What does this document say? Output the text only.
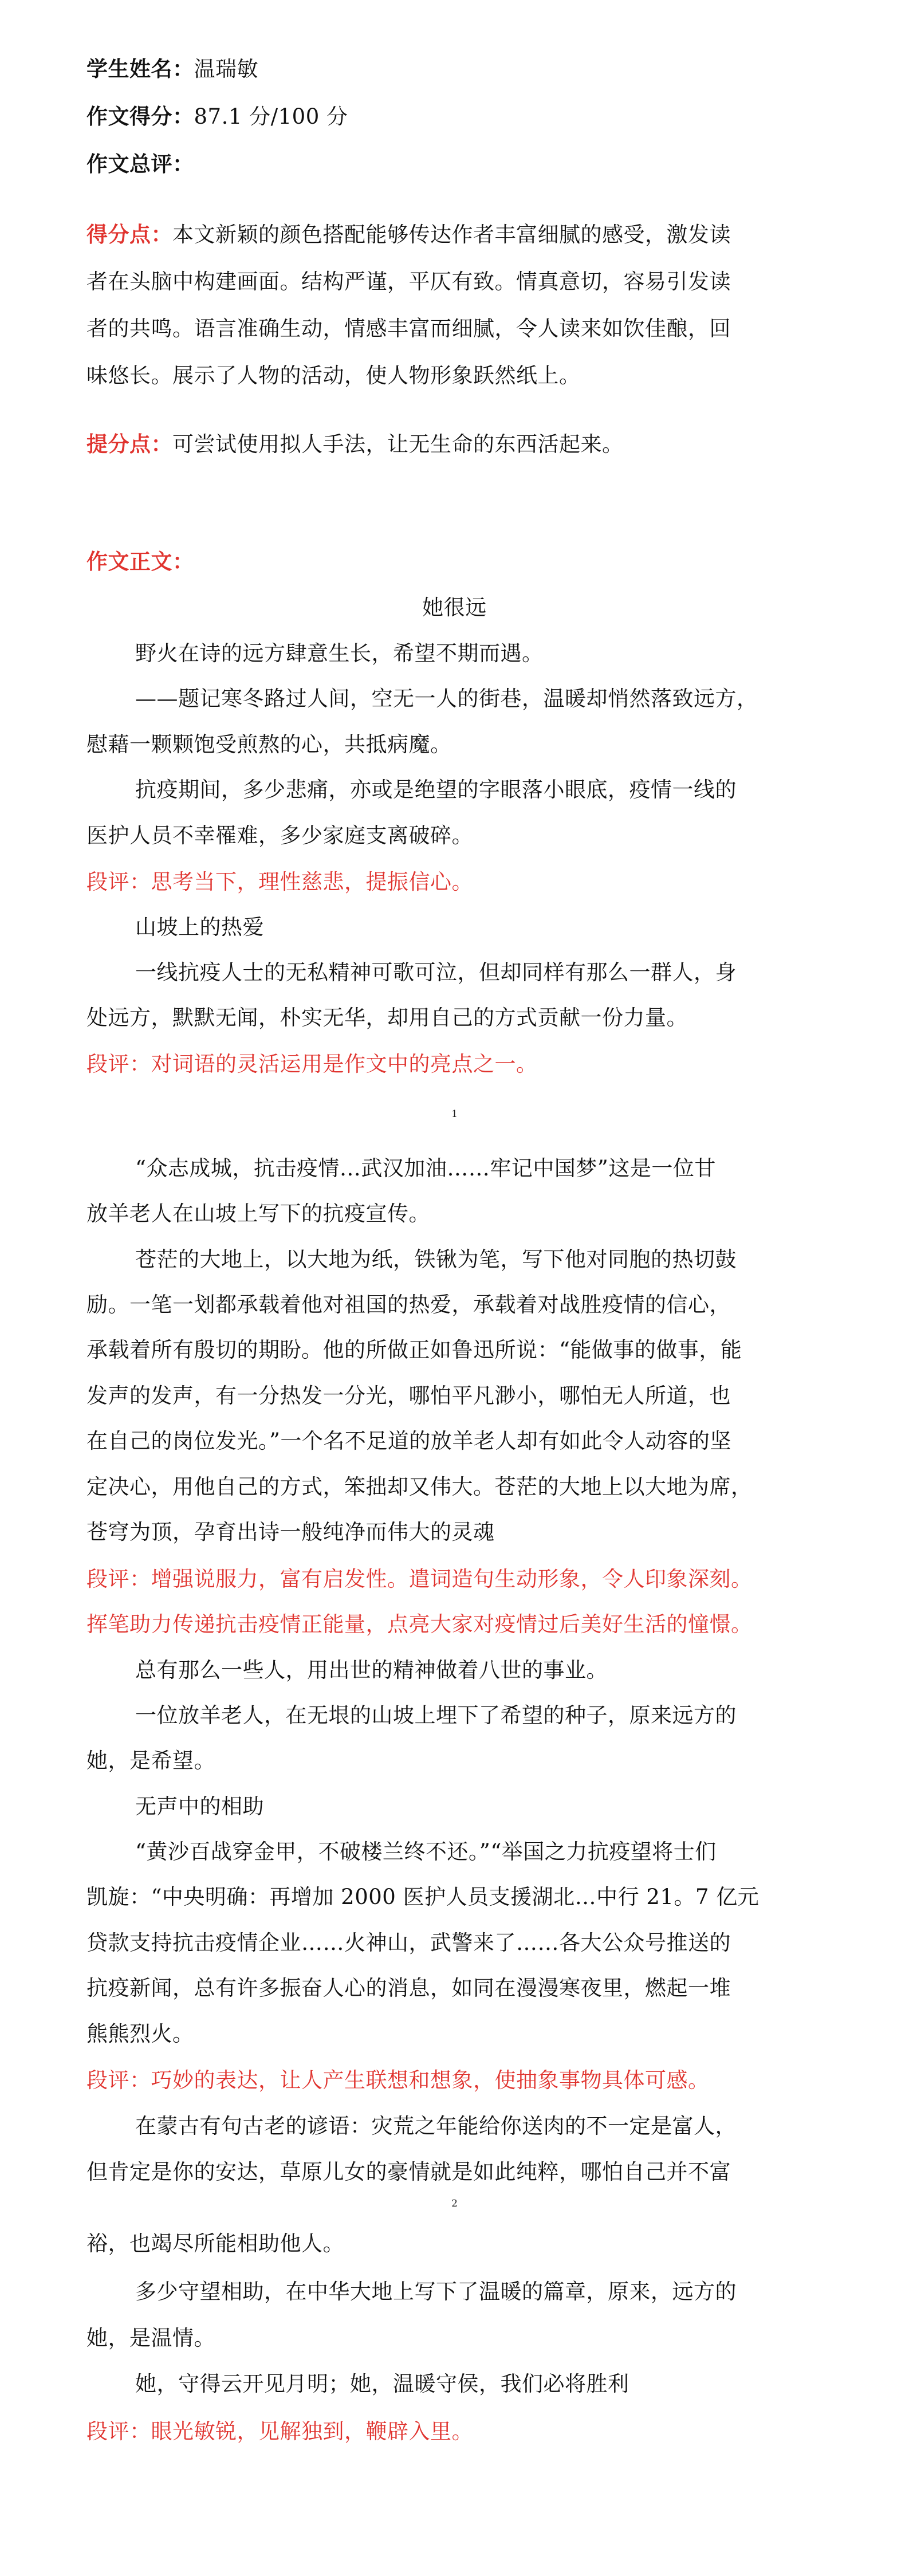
学生姓名：温瑞敏
作文得分：87.1 分/100 分
作文总评：
得分点：本文新颖的颜色搭配能够传达作者丰富细腻的感受，激发读
者在头脑中构建画面。结构严谨，平仄有致。情真意切，容易引发读
者的共鸣。语言准确生动，情感丰富而细腻，令人读来如饮佳酿，回
味悠长。展示了人物的活动，使人物形象跃然纸上。
提分点：可尝试使用拟人手法，让无生命的东西活起来。
作文正文：
她很远
野火在诗的远方肆意生长，希望不期而遇。
——题记寒冬路过人间，空无一人的街巷，温暖却悄然落致远方，
慰藉一颗颗饱受煎熬的心，共抵病魔。
抗疫期间，多少悲痛，亦或是绝望的字眼落小眼底，疫情一线的
医护人员不幸罹难，多少家庭支离破碎。
段评：思考当下，理性慈悲，提振信心。
山坡上的热爱
一线抗疫人士的无私精神可歌可泣，但却同样有那么一群人，身
处远方，默默无闻，朴实无华，却用自己的方式贡献一份力量。
段评：对词语的灵活运用是作文中的亮点之一。
1
“众志成城，抗击疫情…武汉加油……牢记中国梦”这是一位甘
放羊老人在山坡上写下的抗疫宣传。
苍茫的大地上，以大地为纸，铁锹为笔，写下他对同胞的热切鼓
励。一笔一划都承载着他对祖国的热爱，承载着对战胜疫情的信心，
承载着所有殷切的期盼。他的所做正如鲁迅所说：“能做事的做事，能
发声的发声，有一分热发一分光，哪怕平凡渺小，哪怕无人所道，也
在自己的岗位发光。”一个名不足道的放羊老人却有如此令人动容的坚
定决心，用他自己的方式，笨拙却又伟大。苍茫的大地上以大地为席，
苍穹为顶，孕育出诗一般纯净而伟大的灵魂
段评：增强说服力，富有启发性。遣词造句生动形象，令人印象深刻。
挥笔助力传递抗击疫情正能量，点亮大家对疫情过后美好生活的憧憬。
总有那么一些人，用出世的精神做着八世的事业。
一位放羊老人，在无垠的山坡上埋下了希望的种子，原来远方的
她，是希望。
无声中的相助
“黄沙百战穿金甲，不破楼兰终不还。”“举国之力抗疫望将士们
凯旋：“中央明确：再增加 2000 医护人员支援湖北…中行 21。7 亿元
贷款支持抗击疫情企业……火神山，武警来了……各大公众号推送的
抗疫新闻，总有许多振奋人心的消息，如同在漫漫寒夜里，燃起一堆
熊熊烈火。
段评：巧妙的表达，让人产生联想和想象，使抽象事物具体可感。
在蒙古有句古老的谚语：灾荒之年能给你送肉的不一定是富人，
但肯定是你的安达，草原儿女的豪情就是如此纯粹，哪怕自己并不富
2
裕，也竭尽所能相助他人。
多少守望相助，在中华大地上写下了温暖的篇章，原来，远方的
她，是温情。
她，守得云开见月明；她，温暖守侯，我们必将胜利
段评：眼光敏锐，见解独到，鞭辟入里。
